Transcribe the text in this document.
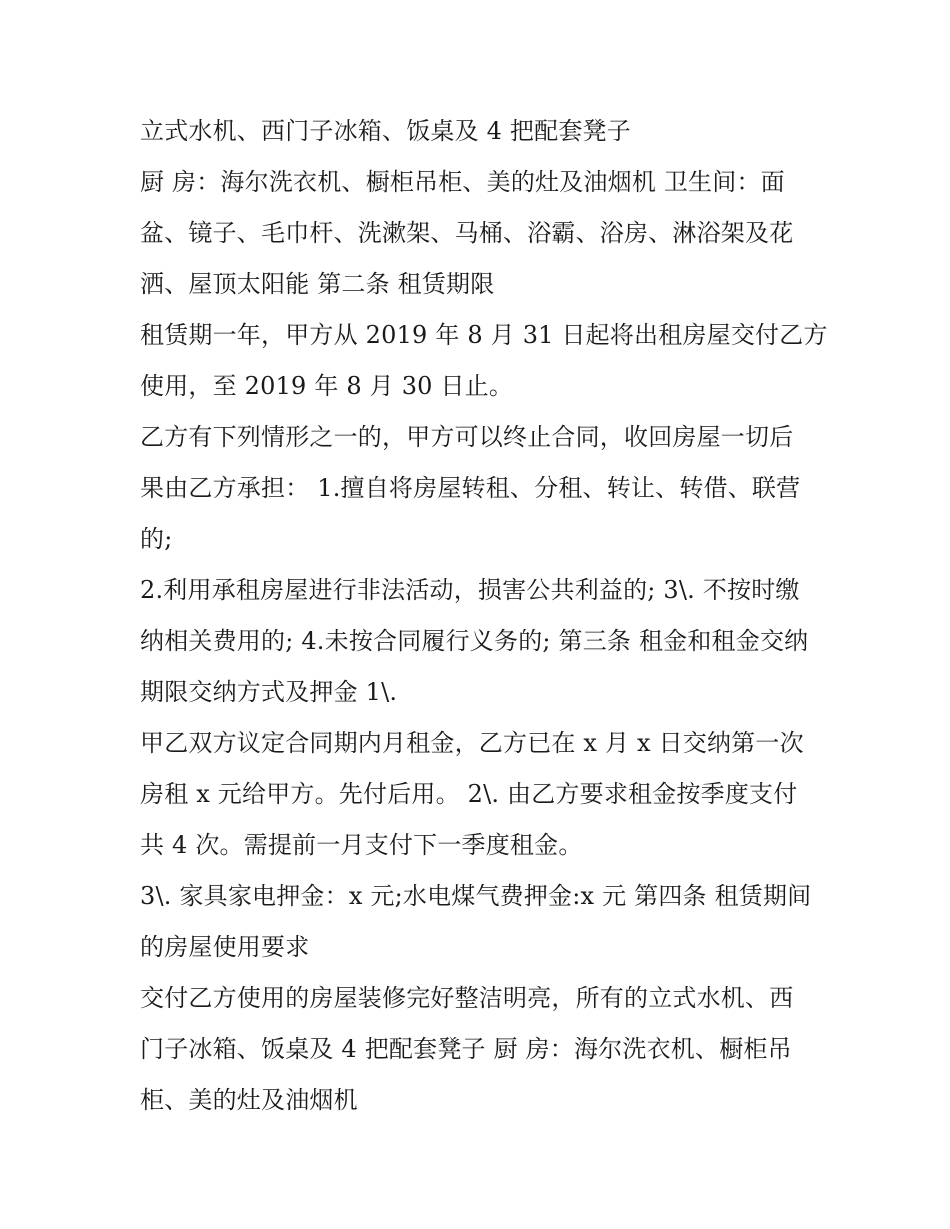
立式水机、西门子冰箱、饭桌及 4 把配套凳子
厨 房：海尔洗衣机、橱柜吊柜、美的灶及油烟机 卫生间：面
盆、镜子、毛巾杆、洗漱架、马桶、浴霸、浴房、淋浴架及花
洒、屋顶太阳能 第二条 租赁期限
租赁期一年，甲方从 2019 年 8 月 31 日起将出租房屋交付乙方
使用，至 2019 年 8 月 30 日止。
乙方有下列情形之一的，甲方可以终止合同，收回房屋一切后
果由乙方承担： 1.擅自将房屋转租、分租、转让、转借、联营
的;
2.利用承租房屋进行非法活动，损害公共利益的; 3\. 不按时缴
纳相关费用的; 4.未按合同履行义务的; 第三条 租金和租金交纳
期限交纳方式及押金 1\.
甲乙双方议定合同期内月租金，乙方已在 x 月 x 日交纳第一次
房租 x 元给甲方。先付后用。 2\. 由乙方要求租金按季度支付
共 4 次。需提前一月支付下一季度租金。
3\. 家具家电押金：x 元;水电煤气费押金:x 元 第四条 租赁期间
的房屋使用要求
交付乙方使用的房屋装修完好整洁明亮，所有的立式水机、西
门子冰箱、饭桌及 4 把配套凳子 厨 房：海尔洗衣机、橱柜吊
柜、美的灶及油烟机
